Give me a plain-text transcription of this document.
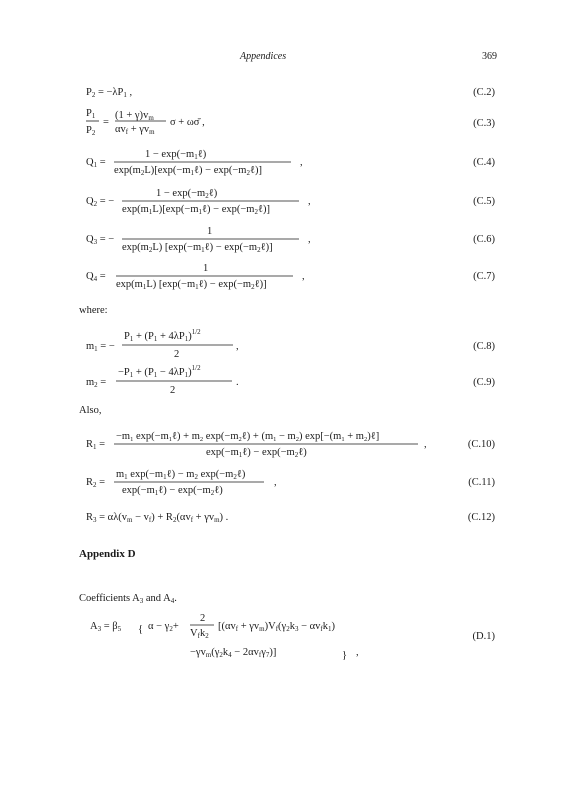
Appendices	369
P2 = −λP1 ,	(C.2)
P1
P2
=
(1 + γ)vm
αvf + γvm
σ + ωσ̄ ,	(C.3)
Q1 =
1 − exp(−m1ℓ)
exp(m2L)[exp(−m1ℓ) − exp(−m2ℓ)]
,	(C.4)
Q2 = −
1 − exp(−m2ℓ)
exp(m1L)[exp(−m1ℓ) − exp(−m2ℓ)]
,	(C.5)
Q3 = −
1
exp(m2L) [exp(−m1ℓ) − exp(−m2ℓ)]
,	(C.6)
Q4 =
1
exp(m1L) [exp(−m1ℓ) − exp(−m2ℓ)]
,	(C.7)
where:
m1 = −
$P1 + (P1 + 4\lambda P1)^{1/2}$
2
,	(C.8)
m2 =
$-P1 + (P1 - 4\lambda P1)^{1/2}$
2
.	(C.9)
Also,
R1 =
−m1 exp(−m1ℓ) + m2 exp(−m2ℓ) + (m1 − m2) exp[−(m1 + m2)ℓ]
exp(−m1ℓ) − exp(−m2ℓ)
,	(C.10)
R2 =
m1 exp(−m1ℓ) − m2 exp(−m2ℓ)
exp(−m1ℓ) − exp(−m2ℓ)
,	(C.11)
R3 = αλ(vm − vf) + R2(αvf + γvm) .	(C.12)
Appendix D
Coefficients A3 and A4.
A3 = β5 { α − γ2+
2
Vfk2
[(αvf + γvm)Vf(γ2k3 − αvfk1)
−γvm(γ2k4 − 2αvfγ7)]	} ,
(D.1)
